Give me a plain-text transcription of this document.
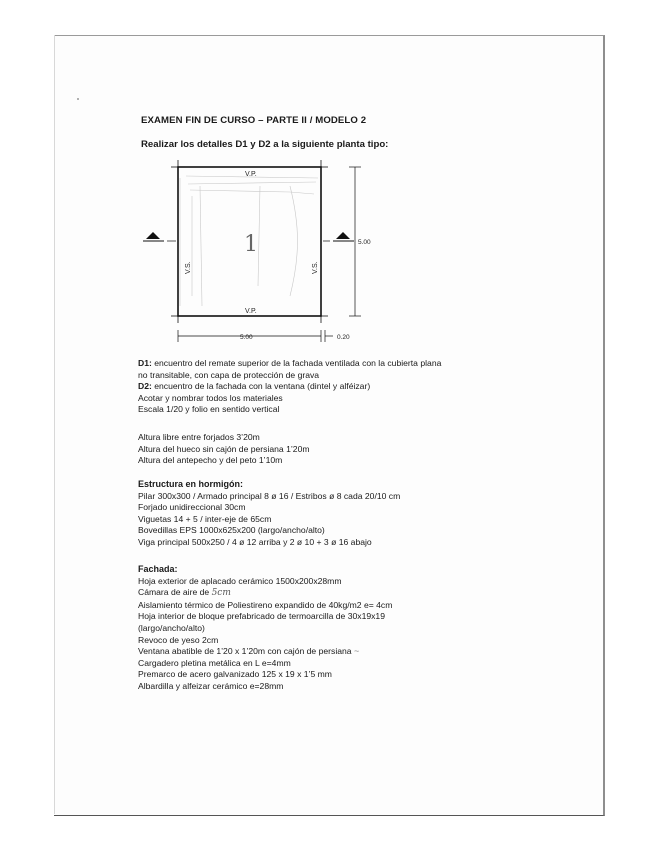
EXAMEN FIN DE CURSO – PARTE II / MODELO 2
Realizar los detalles D1 y D2 a la siguiente planta tipo:
V.P.
V.P.
V.S.	V.S.
1	5.00
5.00	0.20
D1: encuentro del remate superior de la fachada ventilada con la cubierta plana
no transitable, con capa de protección de grava
D2: encuentro de la fachada con la ventana (dintel y alféizar)
Acotar y nombrar todos los materiales
Escala 1/20 y folio en sentido vertical
Altura libre entre forjados 3’20m
Altura del hueco sin cajón de persiana 1’20m
Altura del antepecho y del peto 1’10m
Estructura en hormigón:
Pilar 300x300 / Armado principal 8 ø 16 / Estribos ø 8 cada 20/10 cm
Forjado unidireccional 30cm
Viguetas 14 + 5 / inter-eje de 65cm
Bovedillas EPS 1000x625x200 (largo/ancho/alto)
Viga principal 500x250 / 4 ø 12 arriba y 2 ø 10 + 3 ø 16 abajo
Fachada:
Hoja exterior de aplacado cerámico 1500x200x28mm
Cámara de aire de 5cm
Aislamiento térmico de Poliestireno expandido de 40kg/m2 e= 4cm
Hoja interior de bloque prefabricado de termoarcilla de 30x19x19
(largo/ancho/alto)
Revoco de yeso 2cm
Ventana abatible de 1’20 x 1’20m con cajón de persiana ~
Cargadero pletina metálica en L e=4mm
Premarco de acero galvanizado 125 x 19 x 1’5 mm
Albardilla y alfeizar cerámico e=28mm
